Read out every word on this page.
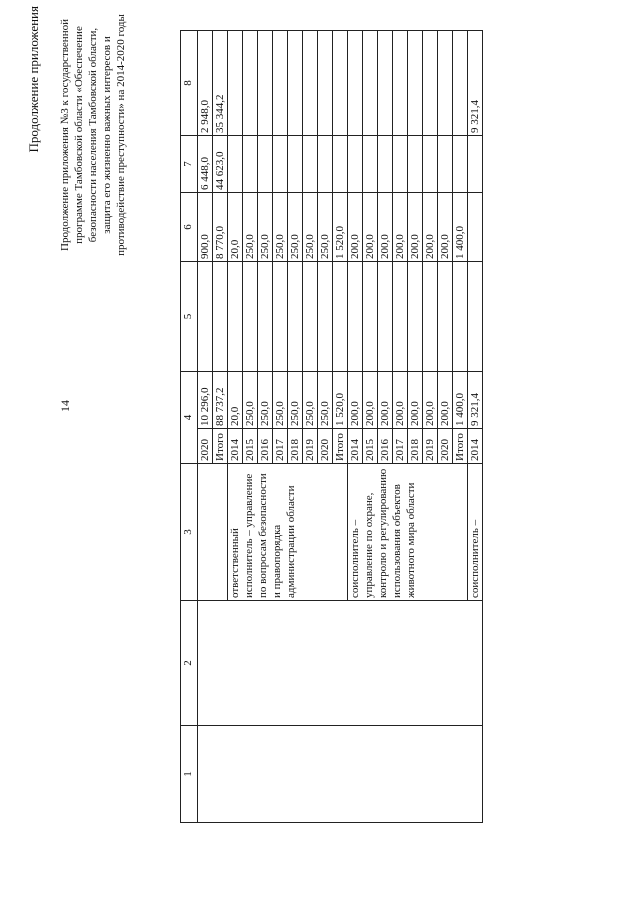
14
Продолжение приложения Продолжение приложения №3 к государственной программе Тамбовской области «Обеспечение безопасности населения Тамбовской области, защита его жизненно важных интересов и противодействие преступности» на 2014-2020 годы
1	2	3	4		5	6	7	8
			2020	10 296,0		900,0	6 448,0	2 948,0
			Итого	88 737,2		8 770,0	44 623,0	35 344,2
		ответственный исполнитель – управление по вопросам безопасности и правопорядка администрации области	2014	20,0		20,0		
			2015	250,0		250,0		
			2016	250,0		250,0		
			2017	250,0		250,0		
			2018	250,0		250,0		
			2019	250,0		250,0		
			2020	250,0		250,0		
			Итого	1 520,0		1 520,0		
		соисполнитель – управление по охране, контролю и регулированию использования объектов животного мира области	2014	200,0		200,0		
			2015	200,0		200,0		
			2016	200,0		200,0		
			2017	200,0		200,0		
			2018	200,0		200,0		
			2019	200,0		200,0		
			2020	200,0		200,0		
			Итого	1 400,0		1 400,0		
		соисполнитель –	2014	9 321,4				9 321,4
